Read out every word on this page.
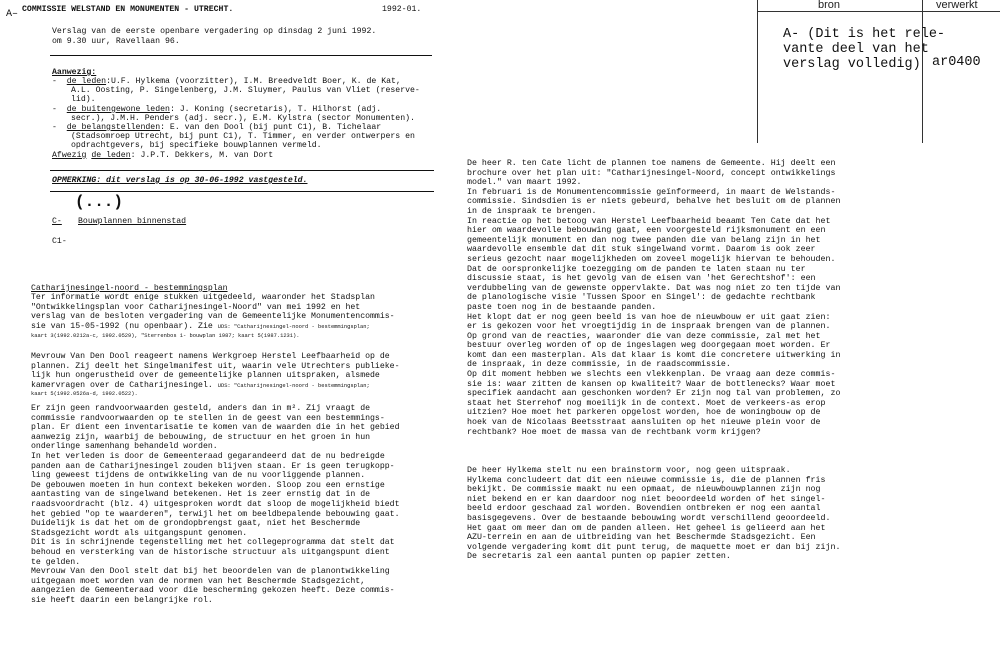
A– COMMISSIE WELSTAND EN MONUMENTEN - UTRECHT.	1992-01.
Verslag van de eerste openbare vergadering op dinsdag 2 juni 1992.
om 9.30 uur, Ravellaan 96.
Aanwezig:
-  de leden:U.F. Hylkema (voorzitter), I.M. Breedveldt Boer, K. de Kat,
A.L. Oosting, P. Singelenberg, J.M. Sluymer, Paulus van Vliet (reserve-
lid).
-  de buitengewone leden: J. Koning (secretaris), T. Hilhorst (adj.
secr.), J.M.H. Penders (adj. secr.), E.M. Kylstra (sector Monumenten).
-  de belangstellenden: E. van den Dool (bij punt C1), B. Tichelaar
(Stadsomroep Utrecht, bij punt C1), T. Timmer, en verder ontwerpers en
opdrachtgevers, bij specifieke bouwplannen vermeld.
Afwezig de leden: J.P.T. Dekkers, M. van Dort
OPMERKING: dit verslag is op 30-06-1992 vastgesteld.
(...)
C- Bouwplannen binnenstad
C1-
Catharijnesingel-noord - bestemmingsplan
Ter informatie wordt enige stukken uitgedeeld, waaronder het Stadsplan
"Ontwikkelingsplan voor Catharijnesingel-Noord" van mei 1992 en het
verslag van de besloten vergadering van de Gemeentelijke Monumentencommis-
sie van 15-05-1992 (nu openbaar). Zie UDS: "Catharijnesingel-noord - bestemmingsplan;
kaart 3(1992.0212a-c, 1992.0529), "Sterrenbos 1- bouwplan 1987; kaart 5(1987.1231).
Mevrouw Van Den Dool reageert namens Werkgroep Herstel Leefbaarheid op de
plannen. Zij deelt het Singelmanifest uit, waarin vele Utrechters publieke-
lijk hun ongerustheid over de gemeentelijke plannen uitspraken, alsmede
kamervragen over de Catharijnesingel. UDS: "Catharijnesingel-noord - bestemmingsplan;
kaart 5(1992.0526a-d, 1992.0522).
Er zijn geen randvoorwaarden gesteld, anders dan in m². Zij vraagt de
commissie randvoorwaarden op te stellen in de geest van een bestemmings-
plan. Er dient een inventarisatie te komen van de waarden die in het gebied
aanwezig zijn, waarbij de bebouwing, de structuur en het groen in hun
onderlinge samenhang behandeld worden.
In het verleden is door de Gemeenteraad gegarandeerd dat de nu bedreigde
panden aan de Catharijnesingel zouden blijven staan. Er is geen terugkopp-
ling geweest tijdens de ontwikkeling van de nu voorliggende plannen.
De gebouwen moeten in hun context bekeken worden. Sloop zou een ernstige
aantasting van de singelwand betekenen. Het is zeer ernstig dat in de
raadsvoordracht (blz. 4) uitgesproken wordt dat sloop de mogelijkheid biedt
het gebied "op te waarderen", terwijl het om beeldbepalende bebouwing gaat.
Duidelijk is dat het om de grondopbrengst gaat, niet het Beschermde
Stadsgezicht wordt als uitgangspunt genomen.
Dit is in schrijnende tegenstelling met het collegeprogramma dat stelt dat
behoud en versterking van de historische structuur als uitgangspunt dient
te gelden.
Mevrouw Van den Dool stelt dat bij het beoordelen van de planontwikkeling
uitgegaan moet worden van de normen van het Beschermde Stadsgezicht,
aangezien de Gemeenteraad voor die bescherming gekozen heeft. Deze commis-
sie heeft daarin een belangrijke rol.
bron	verwerkt
A- (Dit is het rele-
vante deel van het
verslag volledig) ar0400
De heer R. ten Cate licht de plannen toe namens de Gemeente. Hij deelt een
brochure over het plan uit: "Catharijnesingel-Noord, concept ontwikkelings
model." van maart 1992.
In februari is de Monumentencommissie geïnformeerd, in maart de Welstands-
commissie. Sindsdien is er niets gebeurd, behalve het besluit om de plannen
in de inspraak te brengen.
In reactie op het betoog van Herstel Leefbaarheid beaamt Ten Cate dat het
hier om waardevolle bebouwing gaat, een voorgesteld rijksmonument en een
gemeentelijk monument en dan nog twee panden die van belang zijn in het
waardevolle ensemble dat dit stuk singelwand vormt. Daarom is ook zeer
serieus gezocht naar mogelijkheden om zoveel mogelijk hiervan te behouden.
Dat de oorspronkelijke toezegging om de panden te laten staan nu ter
discussie staat, is het gevolg van de eisen van 'het Gerechtshof': een
verdubbeling van de gewenste oppervlakte. Dat was nog niet zo ten tijde van
de planologische visie 'Tussen Spoor en Singel': de gedachte rechtbank
paste toen nog in de bestaande panden.
Het klopt dat er nog geen beeld is van hoe de nieuwbouw er uit gaat zien:
er is gekozen voor het vroegtijdig in de inspraak brengen van de plannen.
Op grond van de reacties, waaronder die van deze commissie, zal met het
bestuur overleg worden of op de ingeslagen weg doorgegaan moet worden. Er
komt dan een masterplan. Als dat klaar is komt die concretere uitwerking in
de inspraak, in deze commissie, in de raadscommissie.
Op dit moment hebben we slechts een vlekkenplan. De vraag aan deze commis-
sie is: waar zitten de kansen op kwaliteit? Waar de bottlenecks? Waar moet
specifiek aandacht aan geschonken worden? Er zijn nog tal van problemen, zo
staat het Sterrehof nog moeilijk in de context. Moet de verkeers-as erop
uitzien? Hoe moet het parkeren opgelost worden, hoe de woningbouw op de
hoek van de Nicolaas Beetsstraat aansluiten op het nieuwe plein voor de
rechtbank? Hoe moet de massa van de rechtbank vorm krijgen?
De heer Hylkema stelt nu een brainstorm voor, nog geen uitspraak.
Hylkema concludeert dat dit een nieuwe commissie is, die de plannen fris
bekijkt. De commissie maakt nu een opmaat, de nieuwbouwplannen zijn nog
niet bekend en er kan daardoor nog niet beoordeeld worden of het singel-
beeld erdoor geschaad zal worden. Bovendien ontbreken er nog een aantal
basisgegevens. Over de bestaande bebouwing wordt verschillend geoordeeld.
Het gaat om meer dan om de panden alleen. Het geheel is gelieerd aan het
AZU-terrein en aan de uitbreiding van het Beschermde Stadsgezicht. Een
volgende vergadering komt dit punt terug, de maquette moet er dan bij zijn.
De secretaris zal een aantal punten op papier zetten.
